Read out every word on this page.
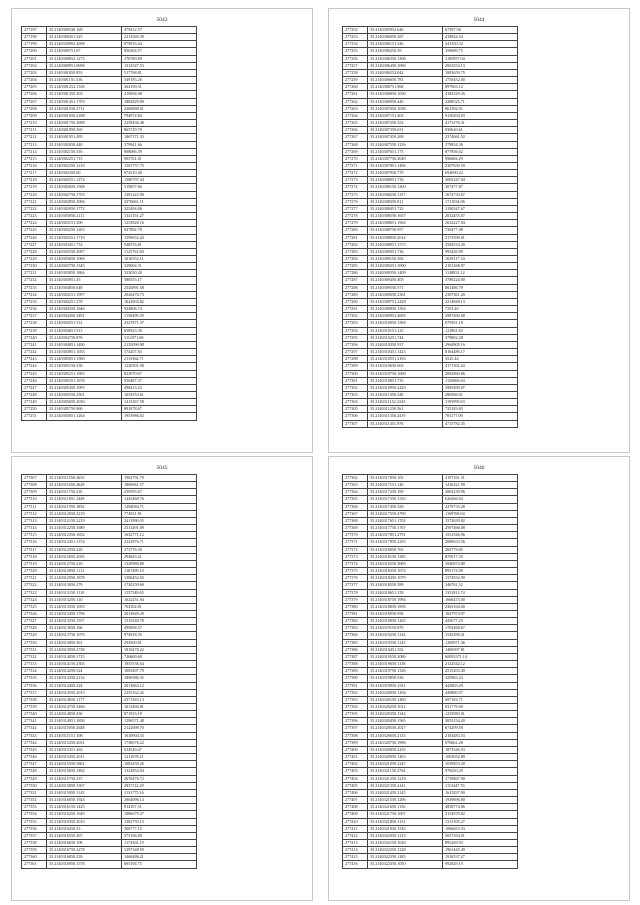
5043
277197	35.2140300330.169	479412.57
277198	35.2140300451.325	2214369.39
277199	35.2140330902.4698	879916.44
277200	35.2140300751.67	856304.57
277201	35.2140300852.1273	176780.89
277202	35.2140300951.0698	1312547.53
277203	35.2140301050.853	517768.81
277204	35.2140301151.316	349183.26
277205	35.2140301252.1336	364190.31
277206	35.2140301350.203	410094.98
277207	35.2140301451.1705	1882829.09
277208	35.2140301550.2711	2360888.01
277209	35.2140301650.2188	794974.84
277210	35.2140301750.2698	2259436.48
277211	35.2140301850.565	863729.70
277212	35.2140301951.493	1867371.33
277213	35.2140302050.440	379941.66
277214	35.2140302150.316	908086.59
277215	35.2140302251.715	905761.01
277216	35.2140302350.1219	1501757.75
277217	35.2140302450.60	674310.40
277218	35.2140302551.1274	1580797.44
277219	35.2140302650.1508	519657.66
277220	35.2140302750.1705	1381222.96
277221	35.2140302850.2006	2370661.11
277222	35.2140302950.1772	325494.86
277223	35.2140303050.2111	1341351.27
277224	35.2140303151.300	1255828.16
277225	35.2140303250.1263	947882.78
277226	35.2140303351.1719	1599652.43
277227	35.2140303451.753	948576.81
277228	35.2140303550.2097	1125761.60
277229	35.2140303650.1006	1016352.11
277230	35.2140303750.1345	329004.31
277231	35.2140303850.1864	333050.20
277232	35.2140303951.45	588555.17
277233	35.2140304050.648	2545891.58
277234	35.2140304151.1997	2026476.73
277235	35.2140304251.278	1622904.82
277236	35.2140304350.1646	934806.74
277237	35.2140304450.3491	1158499.39
277238	35.2140304551.512	2527871.37
277239	35.2140304651.913	658923.36
277240	35.2140304750.876	1111971.68
277241	35.2140304851.1490	2135090.98
277242	35.2140304951.1053	574207.83
277243	35.2140305051.1580	2115364.71
277244	35.2140305150.238	1220501.98
277245	35.2140305251.1905	823070.67
277246	35.2140305351.1678	956487.37
277247	35.2140305450.1095	498413.22
277248	35.2140305550.2501	1033553.61
277249	35.2140305650.2030	1413367.58
277250	35.2140305750.960	891878.67
277251	35.2140305851.1264	1953986.02
5044
277252	35.2140305952.646	67597.58
277253	35.2140306050.287	418924.44
277254	35.2140306151.546	241350.32
277255	35.2140306250.39	358689.75
277256	35.2140306350.1306	1185957.04
277257	35.2140306450.1069	2063554.13
277258	35.2140306552.042	1083659.75
277259	35.2140306650.781	1750452.00
277260	35.2140306751.968	897963.12
277261	35.2140306850.1050	4182329.26
277262	35.2140306950.440	2208525.71
277263	35.2140307050.1038	861592.01
277264	35.2140307151.403	9150204.03
277265	35.2140307250.352	4175276.31
277266	35.2140307350.631	930620.61
277267	35.2140307450.269	2374661.52
277268	35.2140307550.1236	379854.36
277269	35.2140307651.175	877856.02
277270	35.2140307750.2049	996684.29
277271	35.2140307851.1496	2307639.59
277272	35.2140307950.770	694690.22
277273	35.2140308051.730	3005247.04
277274	35.2140308150.1200	307477.87
277275	35.2140308250.1157	1674733.67
277276	35.2140308350.811	1711034.06
277277	35.2140308451.723	3190347.67
277278	35.2140308550.1657	2032455.67
277279	35.2140308651.1964	2632227.04
277280	35.2140308750.957	730477.08
277281	35.2140308850.2014	2175599.01
277282	35.2140308951.1575	3584533.20
277283	35.2140309051.736	993426.99
277284	35.2140309150.382	1659117.34
277285	35.2140309251.1000	2101268.07
277286	35.2140309350.1409	1148831.12
277287	35.2140309450.405	3789224.00
277288	35.2140309550.571	881486.79
277289	35.2140309650.2361	2307361.20
277290	35.2140309751.2428	2214848.13
277291	35.2140309850.1394	7353.40
277292	35.2140309952.4693	2987460.68
277293	35.2140310050.1569	879391.18
277294	35.2140310151.125	121861.65
277295	35.2140310251.744	379802.28
277296	35.2140310350.937	2964905.16
277297	35.2140310451.1423	8164486.17
277298	35.2140310551.2165	3525.44
277299	35.2140310650.663	4171102.44
277300	35.2140310750.1009	2082869.86
277301	35.2140310851.735	1156966.04
277302	35.2140310950.2420	3985499.07
277303	35.2140311050.348	280566.01
277304	35.2140311152.2243	1193995.63
277305	35.2140311250.561	735183.83
277306	35.2140311350.2419	781177.09
277307	35.2140311451.976	4715782.35
5045
277307	35.2140311550.2653	1962791.79
277308	35.2140311650.2628	1860961.57
277309	35.2140311750.210	259595.67
277310	35.2140311851.1448	1445468.76
277311	35.2140311950.1892	1494084.71
277312	35.2140312050.2219	774931.81
277313	35.2140312150.2219	2411990.05
277314	35.2140312250.1689	2313491.09
277315	35.2140312350.1652	1632771.12
277316	35.2140312451.1374	2241876.71
277317	35.2140312550.228	373776.39
277318	35.2140312650.2035	294843.21
277319	35.2140312750.218	1320980.80
277320	35.2140312850.1111	1167499.10
277321	35.2140312950.1878	1300452.65
277322	35.2140313050.279	1720259.60
277323	35.2140313150.1110	1137549.65
277324	35.2140313250.310	1622251.94
277325	35.2140313350.1055	702502.81
277326	35.2140313450.1796	2013849.29
277327	35.2140313550.1557	1515348.78
277328	35.2140313650.166	499068.57
277329	35.2140313750.1079	974918.35
277330	35.2140313850.361	294560.81
277331	35.2140313950.2738	1810478.22
277332	35.2140314050.1715	726600.60
277333	35.2140314150.2303	1855536.64
277334	35.2140314250.524	1083497.79
277335	35.2140314350.2132	1896586.35
277336	35.2140314450.424	2013864.12
277337	35.2140314550.2015	2255162.42
277338	35.2140314650.1177	2371363.13
277339	35.2140314750.3466	1013466.81
277340	35.2140314850.436	871933.19
277341	35.2140314951.1856	1296571.48
277342	35.2140315050.2648	2122699.70
277343	35.2140315151.108	1610904.33
277344	35.2140315250.2031	1738076.22
277345	35.2140315351.263	634549.47
277346	35.2140315450.2011	1211679.21
277347	35.2140315550.5861	1082450.26
277348	35.2140315650.1462	1323854.94
277349	35.2140315750.337	2670476.72
277350	35.2140315850.1307	2837112.29
277351	35.2140315950.1145	1131775.16
277352	35.2140316050.1924	2064096.14
277353	35.2140316150.1425	814107.31
277354	35.2140316250.1649	1086679.27
277355	35.2140316350.2010	1382793.13
277356	35.2140316450.53	306777.15
277357	35.2140316550.267	375166.80
277358	35.2140316650.108	1174302.19
277359	35.2140316750.2278	1297348.59
277360	35.2140316850.239	1460486.21
277361	35.2140316950.1578	695194.75
5046
277362	35.2140317050.105	2107161.31
277363	35.2140317151.146	1416221.99
277364	35.2140317250.190	2063239.96
277365	35.2140317350.1335	626266.04
277366	35.2140317450.350	2279735.28
277367	35.2140317550.4790	1169768.04
277368	35.2140317651.1702	1572639.82
277369	35.2140317750.1767	2597466.08
277370	35.2140317851.2791	1531546.96
277371	35.2140317950.2255	2089633.56
277372	35.2140318050.765	269778.85
277373	35.2140318150.1385	870917.35
277374	35.2140318250.3069	1846874.80
277375	35.2140318350.1674	895174.09
277376	35.2140318450.1079	1374932.90
277377	35.2140318550.589	346761.52
277378	35.2140318651.159	1351811.74
277379	35.2140318750.1994	1666475.00
277380	35.2140318850.1856	2363164.00
277381	35.2140318950.958	1847974.97
277382	35.2140319050.1265	445677.25
277383	35.2140319150.870	1703468.67
277384	35.2140319250.1144	1545290.41
277385	35.2140319350.1145	1269971.36
277386	35.2140319451.352	1469397.81
277387	35.2140319550.2086	60093371.14
277388	35.2140319650.1138	2122542.12
277389	35.2140319750.1326	2515203.49
277390	35.2140319850.536	325963.23
277391	35.2140319950.1541	442865.29
277392	35.2140320050.1294	449880.97
277393	35.2140320150.1480	697182.71
277394	35.2140320250.1012	931776.00
277395	35.2140320350.1342	1233983.01
277396	35.2140320450.1565	3053154.20
277397	35.2140320550.2027	674209.50
277398	35.2140320650.2135	2183483.53
277399	35.2140320750.1996	970662.28
277400	35.2140320850.2435	1873546.53
277401	35.2140320950.1463	1063052.89
277402	35.2140321050.2247	1039853.20
277403	35.2140321150.2764	970250.29
277404	35.2140321250.1218	1719867.90
277405	35.2140321350.2141	1113447.76
277406	35.2140321450.2145	1615297.90
277407	35.2140321550.1296	1939696.80
277408	35.2140321650.1156	4858774.86
277409	35.2140321750.1007	3154970.82
277410	35.2140321850.1131	1313395.27
277411	35.2140321950.1545	1066653.33
277412	35.2140322050.1215	5057354.01
277413	35.2140322150.1020	895269.93
277414	35.2140322250.1228	1961445.49
277415	35.2140322350.1285	1916537.27
277416	35.2140322450.1050	992829.15
